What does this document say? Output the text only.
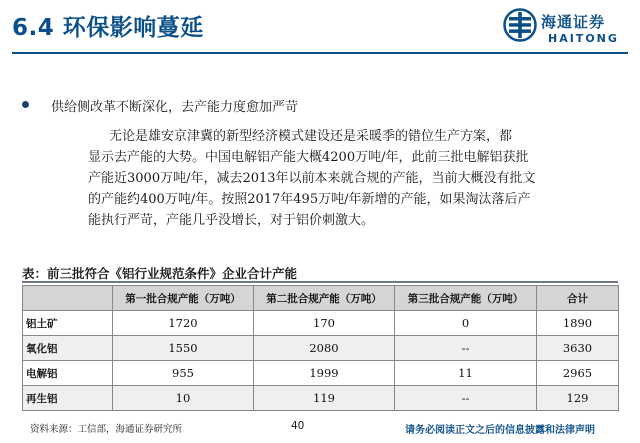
6.4 环保影响蔓延	海通证券
HAITONG
供给侧改革不断深化，去产能力度愈加严苛
无论是雄安京津冀的新型经济模式建设还是采暖季的错位生产方案，都
显示去产能的大势。中国电解铝产能大概4200万吨/年，此前三批电解铝获批
产能近3000万吨/年，减去2013年以前本来就合规的产能，当前大概没有批文
的产能约400万吨/年。按照2017年495万吨/年新增的产能，如果淘汰落后产
能执行严苛，产能几乎没增长，对于铝价刺激大。
表：前三批符合《铝行业规范条件》企业合计产能
	第一批合规产能（万吨）	第二批合规产能（万吨）	第三批合规产能（万吨）	合计
铝土矿	1720	170	0	1890
氧化铝	1550	2080	--	3630
电解铝	955	1999	11	2965
再生铝	10	119	--	129
资料来源：工信部，海通证券研究所	40	请务必阅读正文之后的信息披露和法律声明
